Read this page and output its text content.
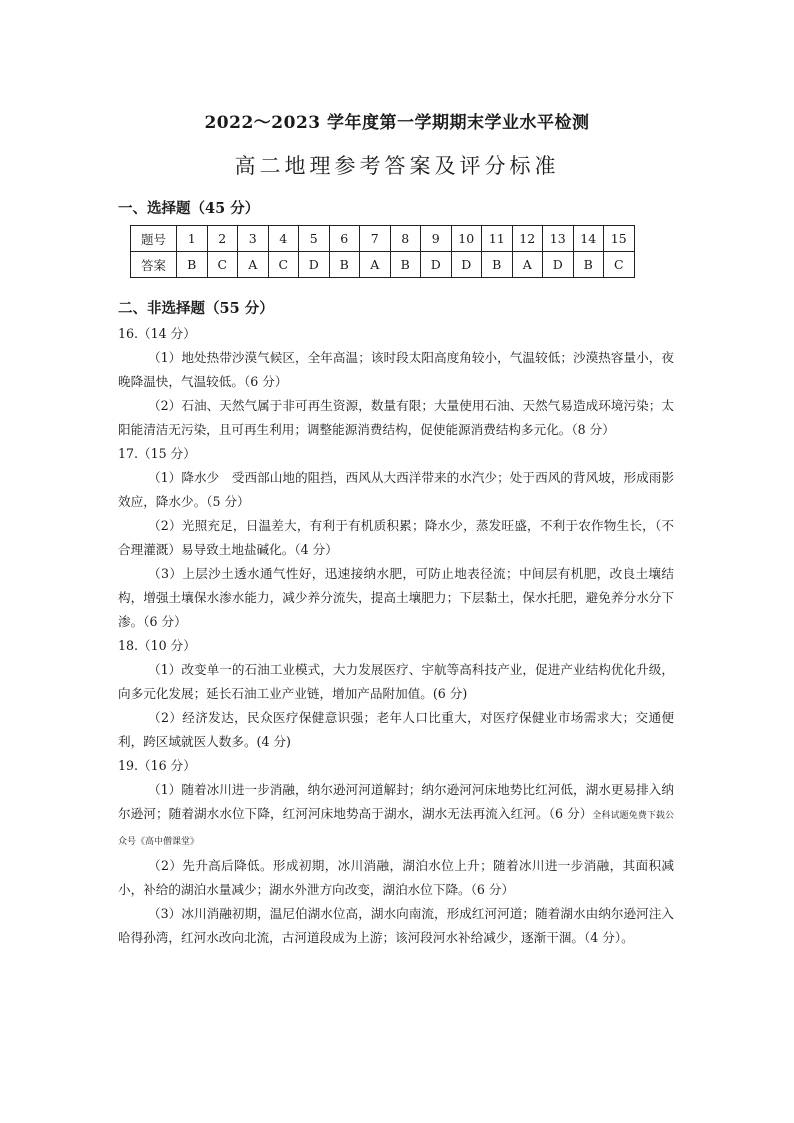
2022～2023 学年度第一学期期末学业水平检测
高二地理参考答案及评分标准
一、选择题（45 分）
题号	1	2	3	4	5	6	7	8	9	10	11	12	13	14	15
答案	B	C	A	C	D	B	A	B	D	D	B	A	D	B	C
二、非选择题（55 分）

16.（14 分）

（1）地处热带沙漠气候区，全年高温；该时段太阳高度角较小，气温较低；沙漠热容量小，夜晚降温快，气温较低。（6 分）

（2）石油、天然气属于非可再生资源，数量有限；大量使用石油、天然气易造成环境污染；太阳能清洁无污染，且可再生利用；调整能源消费结构，促使能源消费结构多元化。（8 分）

17.（15 分）

（1）降水少　受西部山地的阻挡，西风从大西洋带来的水汽少；处于西风的背风坡，形成雨影效应，降水少。（5 分）

（2）光照充足，日温差大，有利于有机质积累；降水少，蒸发旺盛，不利于农作物生长，（不合理灌溉）易导致土地盐碱化。（4 分）

（3）上层沙土透水通气性好，迅速接纳水肥，可防止地表径流；中间层有机肥，改良土壤结构，增强土壤保水渗水能力，减少养分流失，提高土壤肥力；下层黏土，保水托肥，避免养分水分下渗。（6 分）

18.（10 分）

（1）改变单一的石油工业模式，大力发展医疗、宇航等高科技产业，促进产业结构优化升级，向多元化发展；延长石油工业产业链，增加产品附加值。(6 分)

（2）经济发达，民众医疗保健意识强；老年人口比重大，对医疗保健业市场需求大；交通便利，跨区域就医人数多。(4 分)

19.（16 分）

（1）随着冰川进一步消融，纳尔逊河河道解封；纳尔逊河河床地势比红河低，湖水更易排入纳尔逊河；随着湖水水位下降，红河河床地势高于湖水，湖水无法再流入红河。（6 分）全科试题免费下载公众号《高中僧课堂》

（2）先升高后降低。形成初期，冰川消融，湖泊水位上升；随着冰川进一步消融，其面积减小，补给的湖泊水量减少；湖水外泄方向改变，湖泊水位下降。（6 分）

（3）冰川消融初期，温尼伯湖水位高，湖水向南流，形成红河河道；随着湖水由纳尔逊河注入哈得孙湾，红河水改向北流，古河道段成为上游；该河段河水补给减少，逐渐干涸。（4 分）。
